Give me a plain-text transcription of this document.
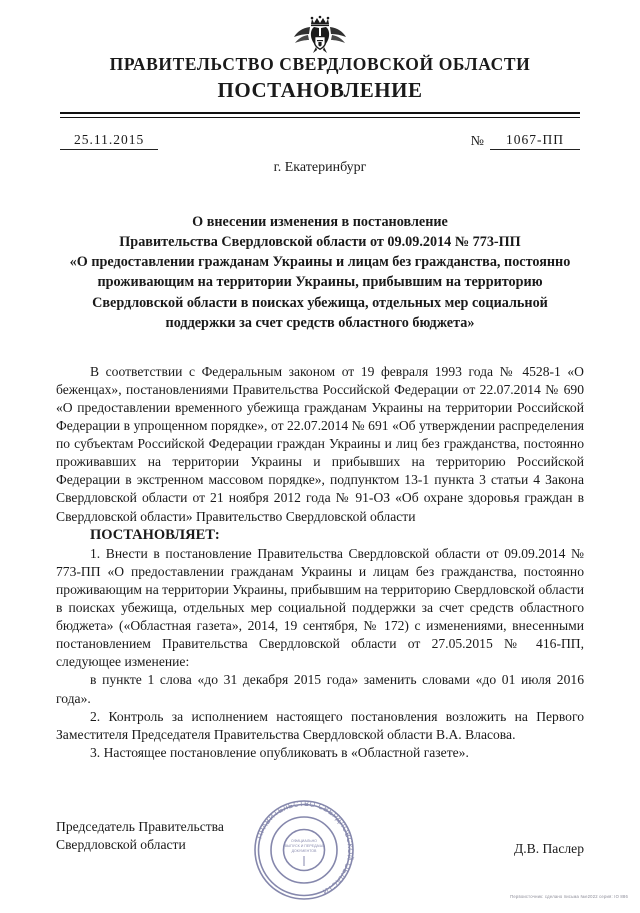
ПРАВИТЕЛЬСТВО СВЕРДЛОВСКОЙ ОБЛАСТИ
ПОСТАНОВЛЕНИЕ
25.11.2015	№	1067-ПП
г. Екатеринбург
О внесении изменения в постановление
Правительства Свердловской области от 09.09.2014 № 773-ПП
«О предоставлении гражданам Украины и лицам без гражданства, постоянно
проживающим на территории Украины, прибывшим на территорию
Свердловской области в поисках убежища, отдельных мер социальной
поддержки за счет средств областного бюджета»

В соответствии с Федеральным законом от 19 февраля 1993 года № 4528-1 «О беженцах», постановлениями Правительства Российской Федерации от 22.07.2014 № 690 «О предоставлении временного убежища гражданам Украины на территории Российской Федерации в упрощенном порядке», от 22.07.2014 № 691 «Об утверждении распределения по субъектам Российской Федерации граждан Украины и лиц без гражданства, постоянно проживавших на территории Украины и прибывших на территорию Российской Федерации в экстренном массовом порядке», подпунктом 13-1 пункта 3 статьи 4 Закона Свердловской области от 21 ноября 2012 года № 91-ОЗ «Об охране здоровья граждан в Свердловской области» Правительство Свердловской области

ПОСТАНОВЛЯЕТ:

1. Внести в постановление Правительства Свердловской области от 09.09.2014 № 773-ПП «О предоставлении гражданам Украины и лицам без гражданства, постоянно проживающим на территории Украины, прибывшим на территорию Свердловской области в поисках убежища, отдельных мер социальной поддержки за счет средств областного бюджета» («Областная газета», 2014, 19 сентября, № 172) с изменениями, внесенными постановлением Правительства Свердловской области от 27.05.2015 № 416-ПП, следующее изменение:

в пункте 1 слова «до 31 декабря 2015 года» заменить словами «до 01 июля 2016 года».

2. Контроль за исполнением настоящего постановления возложить на Первого Заместителя Председателя Правительства Свердловской области В.А. Власова.

3. Настоящее постановление опубликовать в «Областной газете».

ПРАВИТЕЛЬСТВО СВЕРДЛОВСКОЙ ОБЛАСТИ
ОФИЦИАЛЬНО
ВЫПУСК И ПЕРЕДАЧА
ДОКУМЕНТОВ
Председатель Правительства
Свердловской области	Д.В. Паслер
Первоисточник: сделано письма №e2022 серия: IО 886
